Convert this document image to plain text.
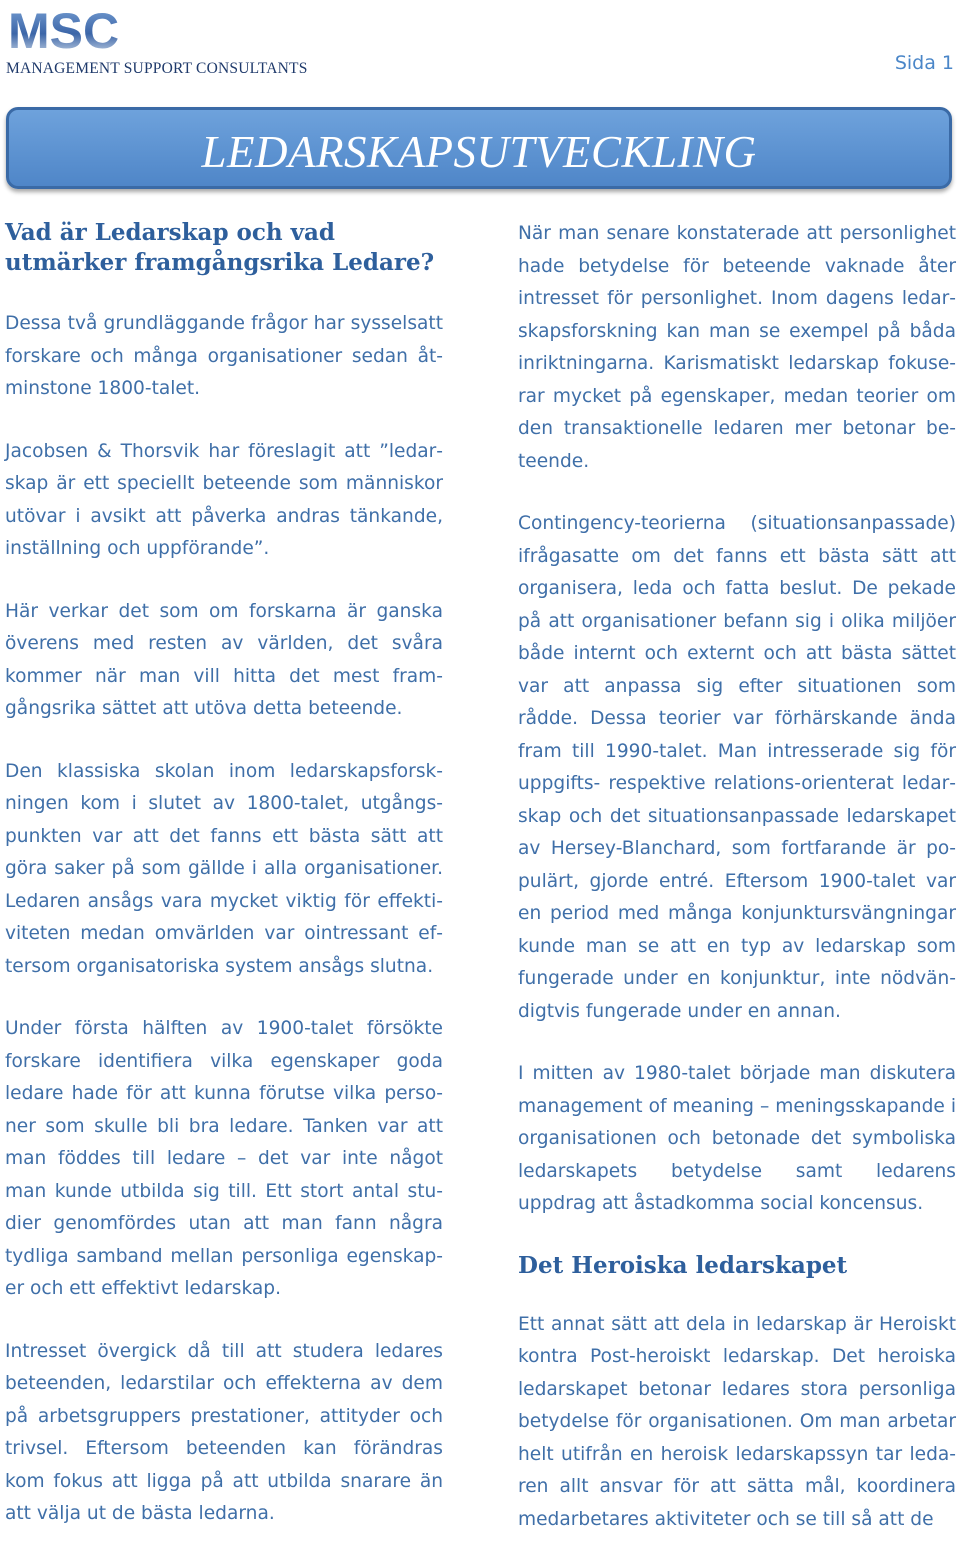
MSC
MANAGEMENT SUPPORT CONSULTANTS	Sida 1
LEDARSKAPSUTVECKLING
Vad är Ledarskap och vad utmärker framgångsrika Ledare?

Dessa två grundläggande frågor har sysselsatt forskare och många organisationer sedan åtminstone 1800-talet.

Jacobsen & Thorsvik har föreslagit att ”ledarskap är ett speciellt beteende som människor utövar i avsikt att påverka andras tänkande, inställning och uppförande”.

Här verkar det som om forskarna är ganska överens med resten av världen, det svåra kommer när man vill hitta det mest framgångsrika sättet att utöva detta beteende.

Den klassiska skolan inom ledarskapsforskningen kom i slutet av 1800-talet, utgångspunkten var att det fanns ett bästa sätt att göra saker på som gällde i alla organisationer. Ledaren ansågs vara mycket viktig för effektiviteten medan omvärlden var ointressant eftersom organisatoriska system ansågs slutna.

Under första hälften av 1900-talet försökte forskare identifiera vilka egenskaper goda ledare hade för att kunna förutse vilka personer som skulle bli bra ledare. Tanken var att man föddes till ledare – det var inte något man kunde utbilda sig till. Ett stort antal studier genomfördes utan att man fann några tydliga samband mellan personliga egenskaper och ett effektivt ledarskap.

Intresset övergick då till att studera ledares beteenden, ledarstilar och effekterna av dem på arbetsgruppers prestationer, attityder och trivsel. Eftersom beteenden kan förändras kom fokus att ligga på att utbilda snarare än att välja ut de bästa ledarna.

När man senare konstaterade att personlighet hade betydelse för beteende vaknade åter intresset för personlighet. Inom dagens ledarskapsforskning kan man se exempel på båda inriktningarna. Karismatiskt ledarskap fokuserar mycket på egenskaper, medan teorier om den transaktionelle ledaren mer betonar beteende.

Contingency-teorierna (situationsanpassade) ifrågasatte om det fanns ett bästa sätt att organisera, leda och fatta beslut. De pekade på att organisationer befann sig i olika miljöer både internt och externt och att bästa sättet var att anpassa sig efter situationen som rådde. Dessa teorier var förhärskande ända fram till 1990-talet. Man intresserade sig för uppgifts- respektive relations-orienterat ledarskap och det situationsanpassade ledarskapet av Hersey-Blanchard, som fortfarande är populärt, gjorde entré. Eftersom 1900-talet var en period med många konjunktursvängningar kunde man se att en typ av ledarskap som fungerade under en konjunktur, inte nödvändigtvis fungerade under en annan.

I mitten av 1980-talet började man diskutera management of meaning – meningsskapande i organisationen och betonade det symboliska ledarskapets betydelse samt ledarens uppdrag att åstadkomma social koncensus.

Det Heroiska ledarskapet

Ett annat sätt att dela in ledarskap är Heroiskt kontra Post-heroiskt ledarskap. Det heroiska ledarskapet betonar ledares stora personliga betydelse för organisationen. Om man arbetar helt utifrån en heroisk ledarskapssyn tar ledaren allt ansvar för att sätta mål, koordinera medarbetares aktiviteter och se till så att de
